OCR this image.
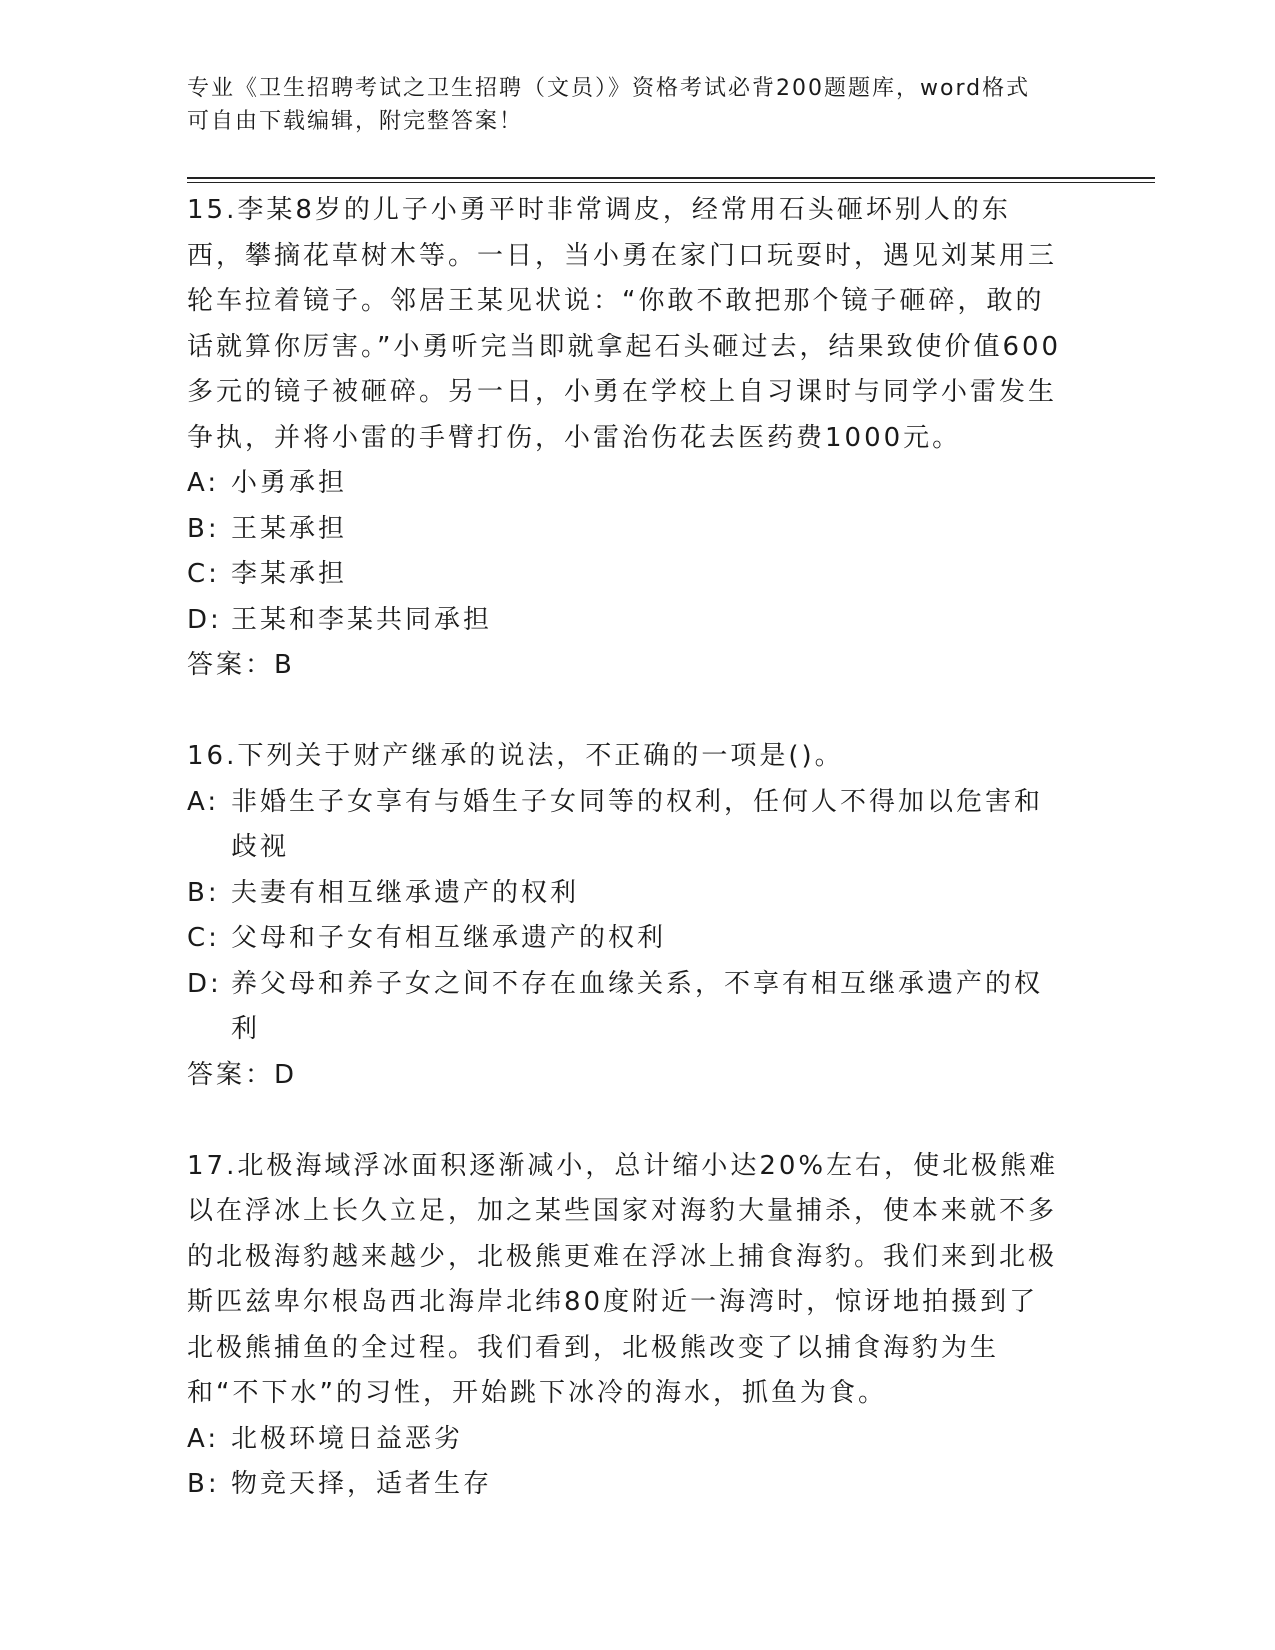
专业《卫生招聘考试之卫生招聘（文员）》资格考试必背200题题库，word格式
可自由下载编辑，附完整答案！

15.李某8岁的儿子小勇平时非常调皮，经常用石头砸坏别人的东西，攀摘花草树木等。一日，当小勇在家门口玩耍时，遇见刘某用三轮车拉着镜子。邻居王某见状说：“你敢不敢把那个镜子砸碎，敢的话就算你厉害。”小勇听完当即就拿起石头砸过去，结果致使价值600多元的镜子被砸碎。另一日，小勇在学校上自习课时与同学小雷发生争执，并将小雷的手臂打伤，小雷治伤花去医药费1000元。

A: 小勇承担
B: 王某承担
C: 李某承担
D: 王某和李某共同承担

答案：B

16.下列关于财产继承的说法，不正确的一项是()。

A: 非婚生子女享有与婚生子女同等的权利，任何人不得加以危害和歧视
B: 夫妻有相互继承遗产的权利
C: 父母和子女有相互继承遗产的权利
D: 养父母和养子女之间不存在血缘关系，不享有相互继承遗产的权利

答案：D

17.北极海域浮冰面积逐渐减小，总计缩小达20%左右，使北极熊难以在浮冰上长久立足，加之某些国家对海豹大量捕杀，使本来就不多的北极海豹越来越少，北极熊更难在浮冰上捕食海豹。我们来到北极斯匹兹卑尔根岛西北海岸北纬80度附近一海湾时，惊讶地拍摄到了北极熊捕鱼的全过程。我们看到，北极熊改变了以捕食海豹为生和“不下水”的习性，开始跳下冰冷的海水，抓鱼为食。

A: 北极环境日益恶劣
B: 物竞天择，适者生存
